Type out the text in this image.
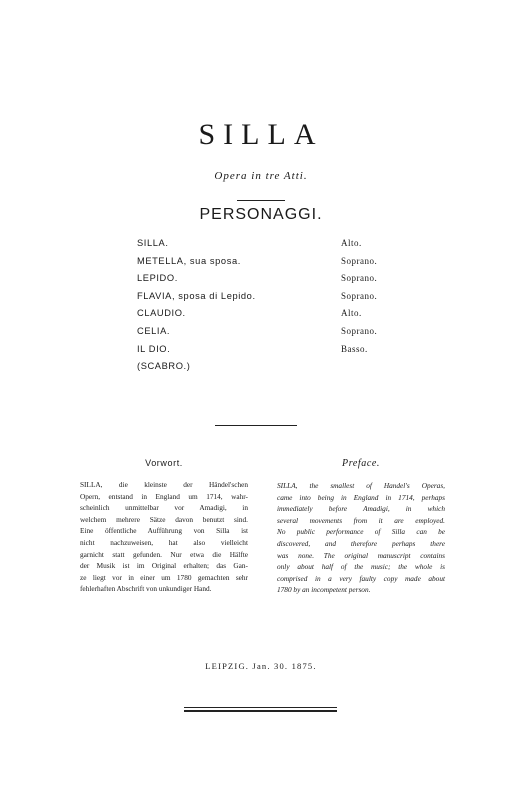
SILLA
Opera in tre Atti.
PERSONAGGI.
SILLA.	Alto.
METELLA, sua sposa.	Soprano.
LEPIDO.	Soprano.
FLAVIA, sposa di Lepido.	Soprano.
CLAUDIO.	Alto.
CELIA.	Soprano.
IL DIO.	Basso.
(SCABRO.)
Vorwort.
SILLA, die kleinste der Händel'schen
Opern, entstand in England um 1714, wahr-
scheinlich unmittelbar vor Amadigi, in
welchem mehrere Sätze davon benutzt sind.
Eine öffentliche Aufführung von Silla ist
nicht nachzuweisen, hat also vielleicht
garnicht statt gefunden. Nur etwa die Hälfte
der Musik ist im Original erhalten; das Gan-
ze liegt vor in einer um 1780 gemachten sehr
fehlerhaften Abschrift von unkundiger Hand.
Preface.
SILLA, the smallest of Handel's Operas,
came into being in England in 1714, perhaps
immediately before Amadigi, in which
several movements from it are employed.
No public performance of Silla can be
discovered, and therefore perhaps there
was none. The original manuscript contains
only about half of the music; the whole is
comprised in a very faulty copy made about
1780 by an incompetent person.
LEIPZIG. Jan. 30. 1875.
